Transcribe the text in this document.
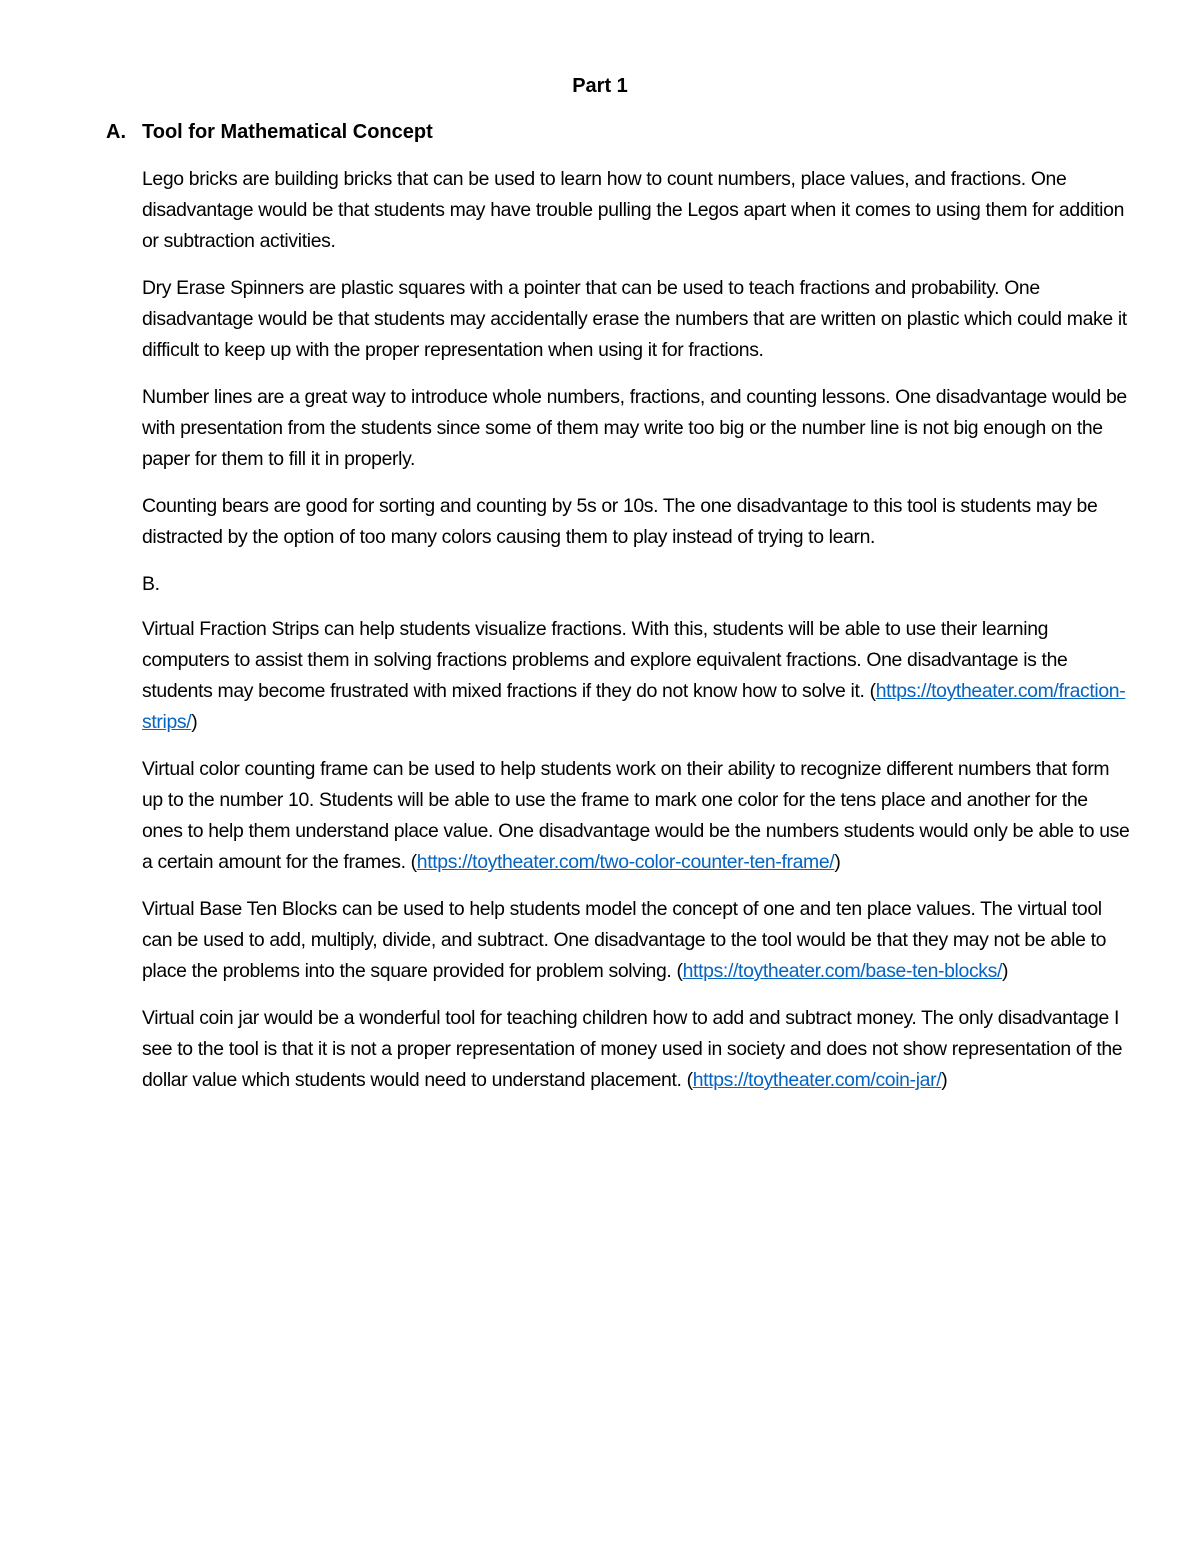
Part 1
A. Tool for Mathematical Concept

Lego bricks are building bricks that can be used to learn how to count numbers, place values, and fractions. One disadvantage would be that students may have trouble pulling the Legos apart when it comes to using them for addition or subtraction activities.

Dry Erase Spinners are plastic squares with a pointer that can be used to teach fractions and probability. One disadvantage would be that students may accidentally erase the numbers that are written on plastic which could make it difficult to keep up with the proper representation when using it for fractions.

Number lines are a great way to introduce whole numbers, fractions, and counting lessons. One disadvantage would be with presentation from the students since some of them may write too big or the number line is not big enough on the paper for them to fill it in properly.

Counting bears are good for sorting and counting by 5s or 10s. The one disadvantage to this tool is students may be distracted by the option of too many colors causing them to play instead of trying to learn.

B.

Virtual Fraction Strips can help students visualize fractions. With this, students will be able to use their learning computers to assist them in solving fractions problems and explore equivalent fractions. One disadvantage is the students may become frustrated with mixed fractions if they do not know how to solve it. (https://toytheater.com/fraction-strips/)

Virtual color counting frame can be used to help students work on their ability to recognize different numbers that form up to the number 10. Students will be able to use the frame to mark one color for the tens place and another for the ones to help them understand place value. One disadvantage would be the numbers students would only be able to use a certain amount for the frames. (https://toytheater.com/two-color-counter-ten-frame/)

Virtual Base Ten Blocks can be used to help students model the concept of one and ten place values. The virtual tool can be used to add, multiply, divide, and subtract. One disadvantage to the tool would be that they may not be able to place the problems into the square provided for problem solving. (https://toytheater.com/base-ten-blocks/)

Virtual coin jar would be a wonderful tool for teaching children how to add and subtract money. The only disadvantage I see to the tool is that it is not a proper representation of money used in society and does not show representation of the dollar value which students would need to understand placement. (https://toytheater.com/coin-jar/)
